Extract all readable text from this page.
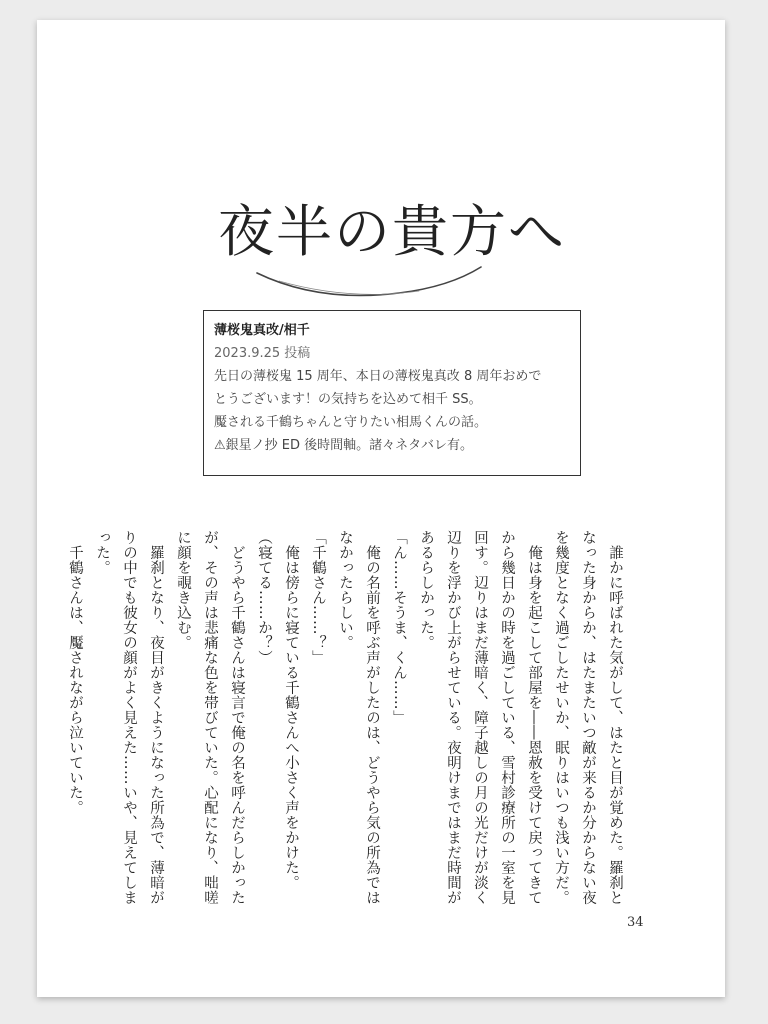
夜半の貴方へ
薄桜鬼真改/相千
2023.9.25 投稿
先日の薄桜鬼 15 周年、本日の薄桜鬼真改 8 周年おめで
とうございます！の気持ちを込めて相千 SS。
魘される千鶴ちゃんと守りたい相馬くんの話。
⚠銀星ノ抄 ED 後時間軸。諸々ネタバレ有。

誰かに呼ばれた気がして、はたと目が覚めた。羅刹となった身からか、はたまたいつ敵が来るか分からない夜を幾度となく過ごしたせいか、眠りはいつも浅い方だ。

俺は身を起こして部屋を――恩赦を受けて戻ってきてから幾日かの時を過ごしている、雪村診療所の一室を見回す。辺りはまだ薄暗く、障子越しの月の光だけが淡く辺りを浮かび上がらせている。夜明けまではまだ時間があるらしかった。

「ん……そうま、くん……」

俺の名前を呼ぶ声がしたのは、どうやら気の所為ではなかったらしい。

「千鶴さん……？」

俺は傍らに寝ている千鶴さんへ小さく声をかけた。

（寝てる……か？）

どうやら千鶴さんは寝言で俺の名を呼んだらしかったが、その声は悲痛な色を帯びていた。心配になり、咄嗟に顔を覗き込む。

羅刹となり、夜目がきくようになった所為で、薄暗がりの中でも彼女の顔がよく見えた……いや、見えてしまった。

千鶴さんは、魘されながら泣いていた。

34
